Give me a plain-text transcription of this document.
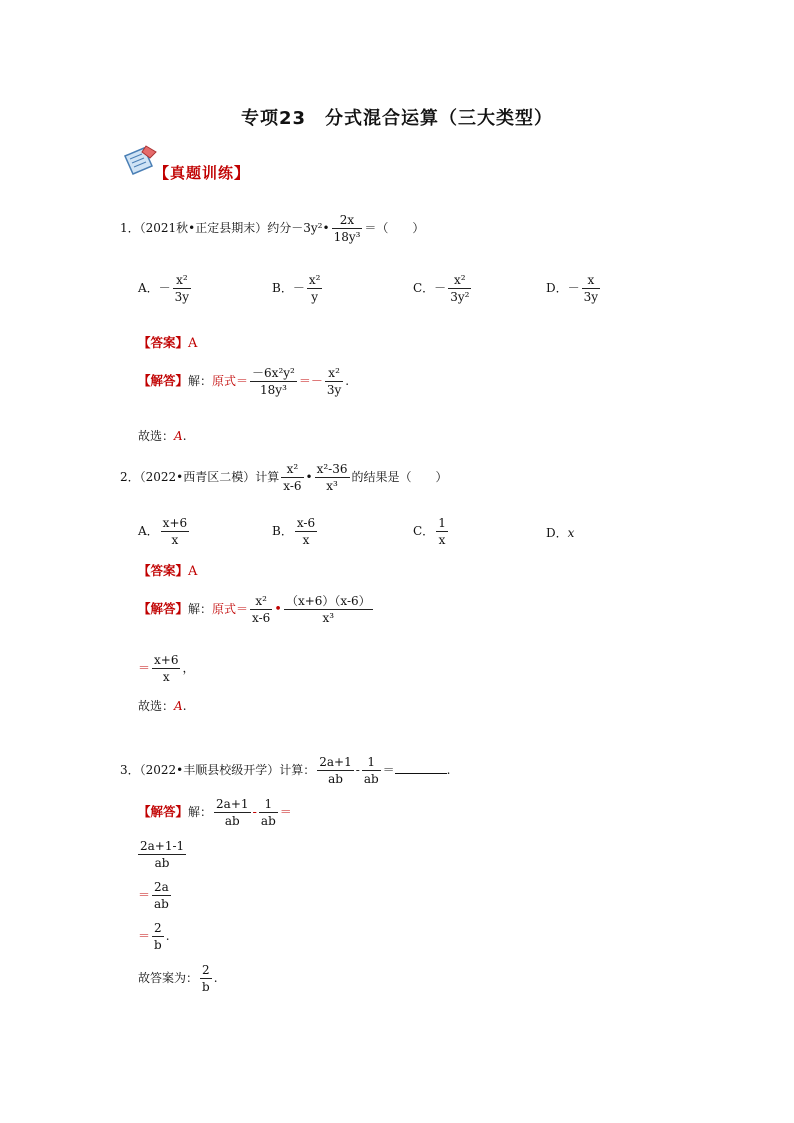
专项23　分式混合运算（三大类型）
【真题训练】
1．（2021秋•正定县期末）约分－3y²• $\frac{2x}{\text{18y³}}$ ＝（　　）
A．－ $\frac{\text{x²}}{3y}$	B．－ $\frac{\text{x²}}{y}$	C．－ $\frac{\text{x²}}{\text{3y²}}$	D．－ $\frac{x}{3y}$
【答案】A
【解答】解：原式＝ $\frac{\text{－6x²y²}}{\text{18y³}} =- \frac{\text{x²}}{3y}$ .
故选：A.
2．（2022•西青区二模）计算 $\frac{\text{x²}}{x-6}$ • $\frac{\text{x²-36}}{\text{x³}}$ 的结果是（　　）
A． $\frac{x+6}{x}$	B． $\frac{x-6}{x}$	C． $\frac{1}{x}$	D．x
【答案】A
【解答】解：原式＝ $\frac{\text{x²}}{x-6}$ • $\frac{(x+6)(x-6)}{\text{x³}}$
＝ $\frac{x+6}{x}$ ，
故选：A.
3．（2022•丰顺县校级开学）计算： $\frac{2a+1}{ab} - \frac{1}{ab}$ ＝	.
【解答】解： $\frac{2a+1}{ab} - \frac{1}{ab}$ ＝
$\frac{2a+1-1}{ab}$
＝ $\frac{2a}{ab}$
＝ $\frac{2}{b}$ .
故答案为： $\frac{2}{b}$ .
